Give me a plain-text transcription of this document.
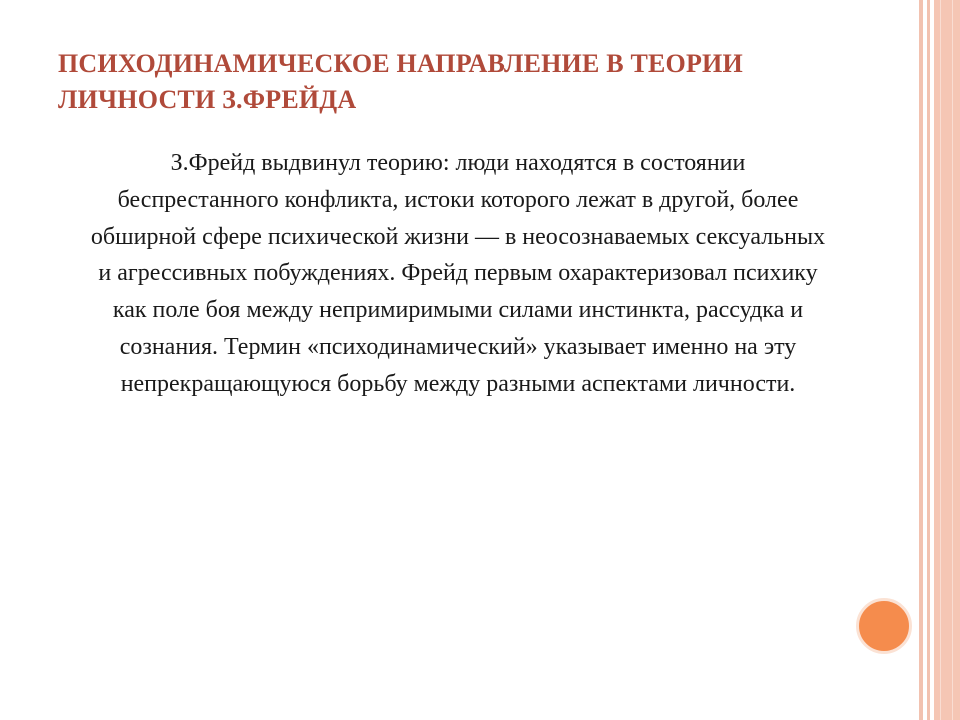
ПСИХОДИНАМИЧЕСКОЕ НАПРАВЛЕНИЕ В ТЕОРИИ ЛИЧНОСТИ З.ФРЕЙДА

З.Фрейд выдвинул теорию: люди находятся в состоянии беспрестанного конфликта, истоки которого лежат в другой, более обширной сфере психической жизни — в неосознаваемых сексуальных и агрессивных побуждениях. Фрейд первым охарактеризовал психику как поле боя между непримиримыми силами инстинкта, рассудка и сознания. Термин «психодинамический» указывает именно на эту непрекращающуюся борьбу между разными аспектами личности.
